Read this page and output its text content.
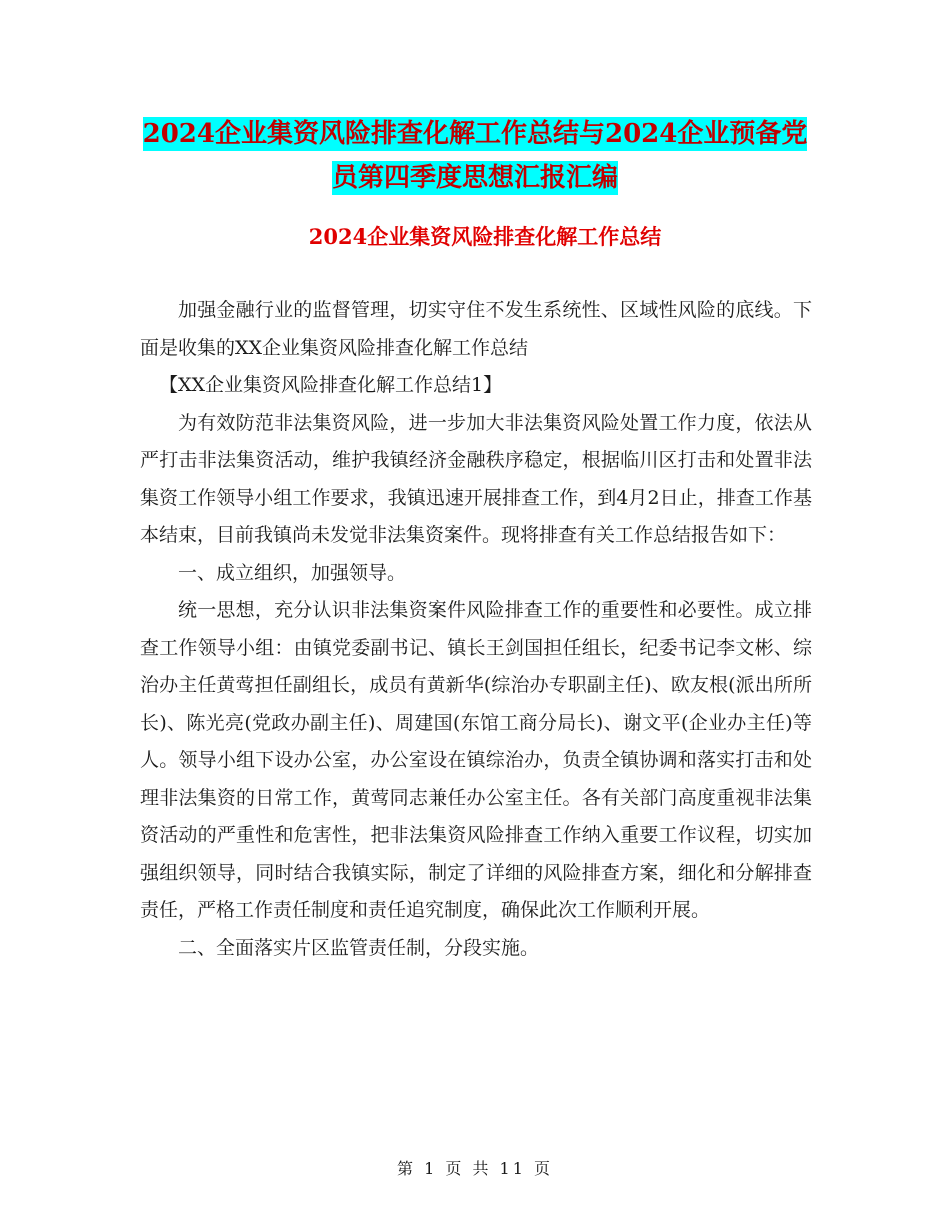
2024企业集资风险排查化解工作总结与2024企业预备党员第四季度思想汇报汇编
2024企业集资风险排查化解工作总结

加强金融行业的监督管理，切实守住不发生系统性、区域性风险的底线。下面是收集的XX企业集资风险排查化解工作总结

【XX企业集资风险排查化解工作总结1】

为有效防范非法集资风险，进一步加大非法集资风险处置工作力度，依法从严打击非法集资活动，维护我镇经济金融秩序稳定，根据临川区打击和处置非法集资工作领导小组工作要求，我镇迅速开展排查工作，到4月2日止，排查工作基本结束，目前我镇尚未发觉非法集资案件。现将排查有关工作总结报告如下：

一、成立组织，加强领导。

统一思想，充分认识非法集资案件风险排查工作的重要性和必要性。成立排查工作领导小组：由镇党委副书记、镇长王剑国担任组长，纪委书记李文彬、综治办主任黄莺担任副组长，成员有黄新华(综治办专职副主任)、欧友根(派出所所长)、陈光亮(党政办副主任)、周建国(东馆工商分局长)、谢文平(企业办主任)等人。领导小组下设办公室，办公室设在镇综治办，负责全镇协调和落实打击和处理非法集资的日常工作，黄莺同志兼任办公室主任。各有关部门高度重视非法集资活动的严重性和危害性，把非法集资风险排查工作纳入重要工作议程，切实加强组织领导，同时结合我镇实际，制定了详细的风险排查方案，细化和分解排查责任，严格工作责任制度和责任追究制度，确保此次工作顺利开展。

二、全面落实片区监管责任制，分段实施。

第 1 页 共 11 页
